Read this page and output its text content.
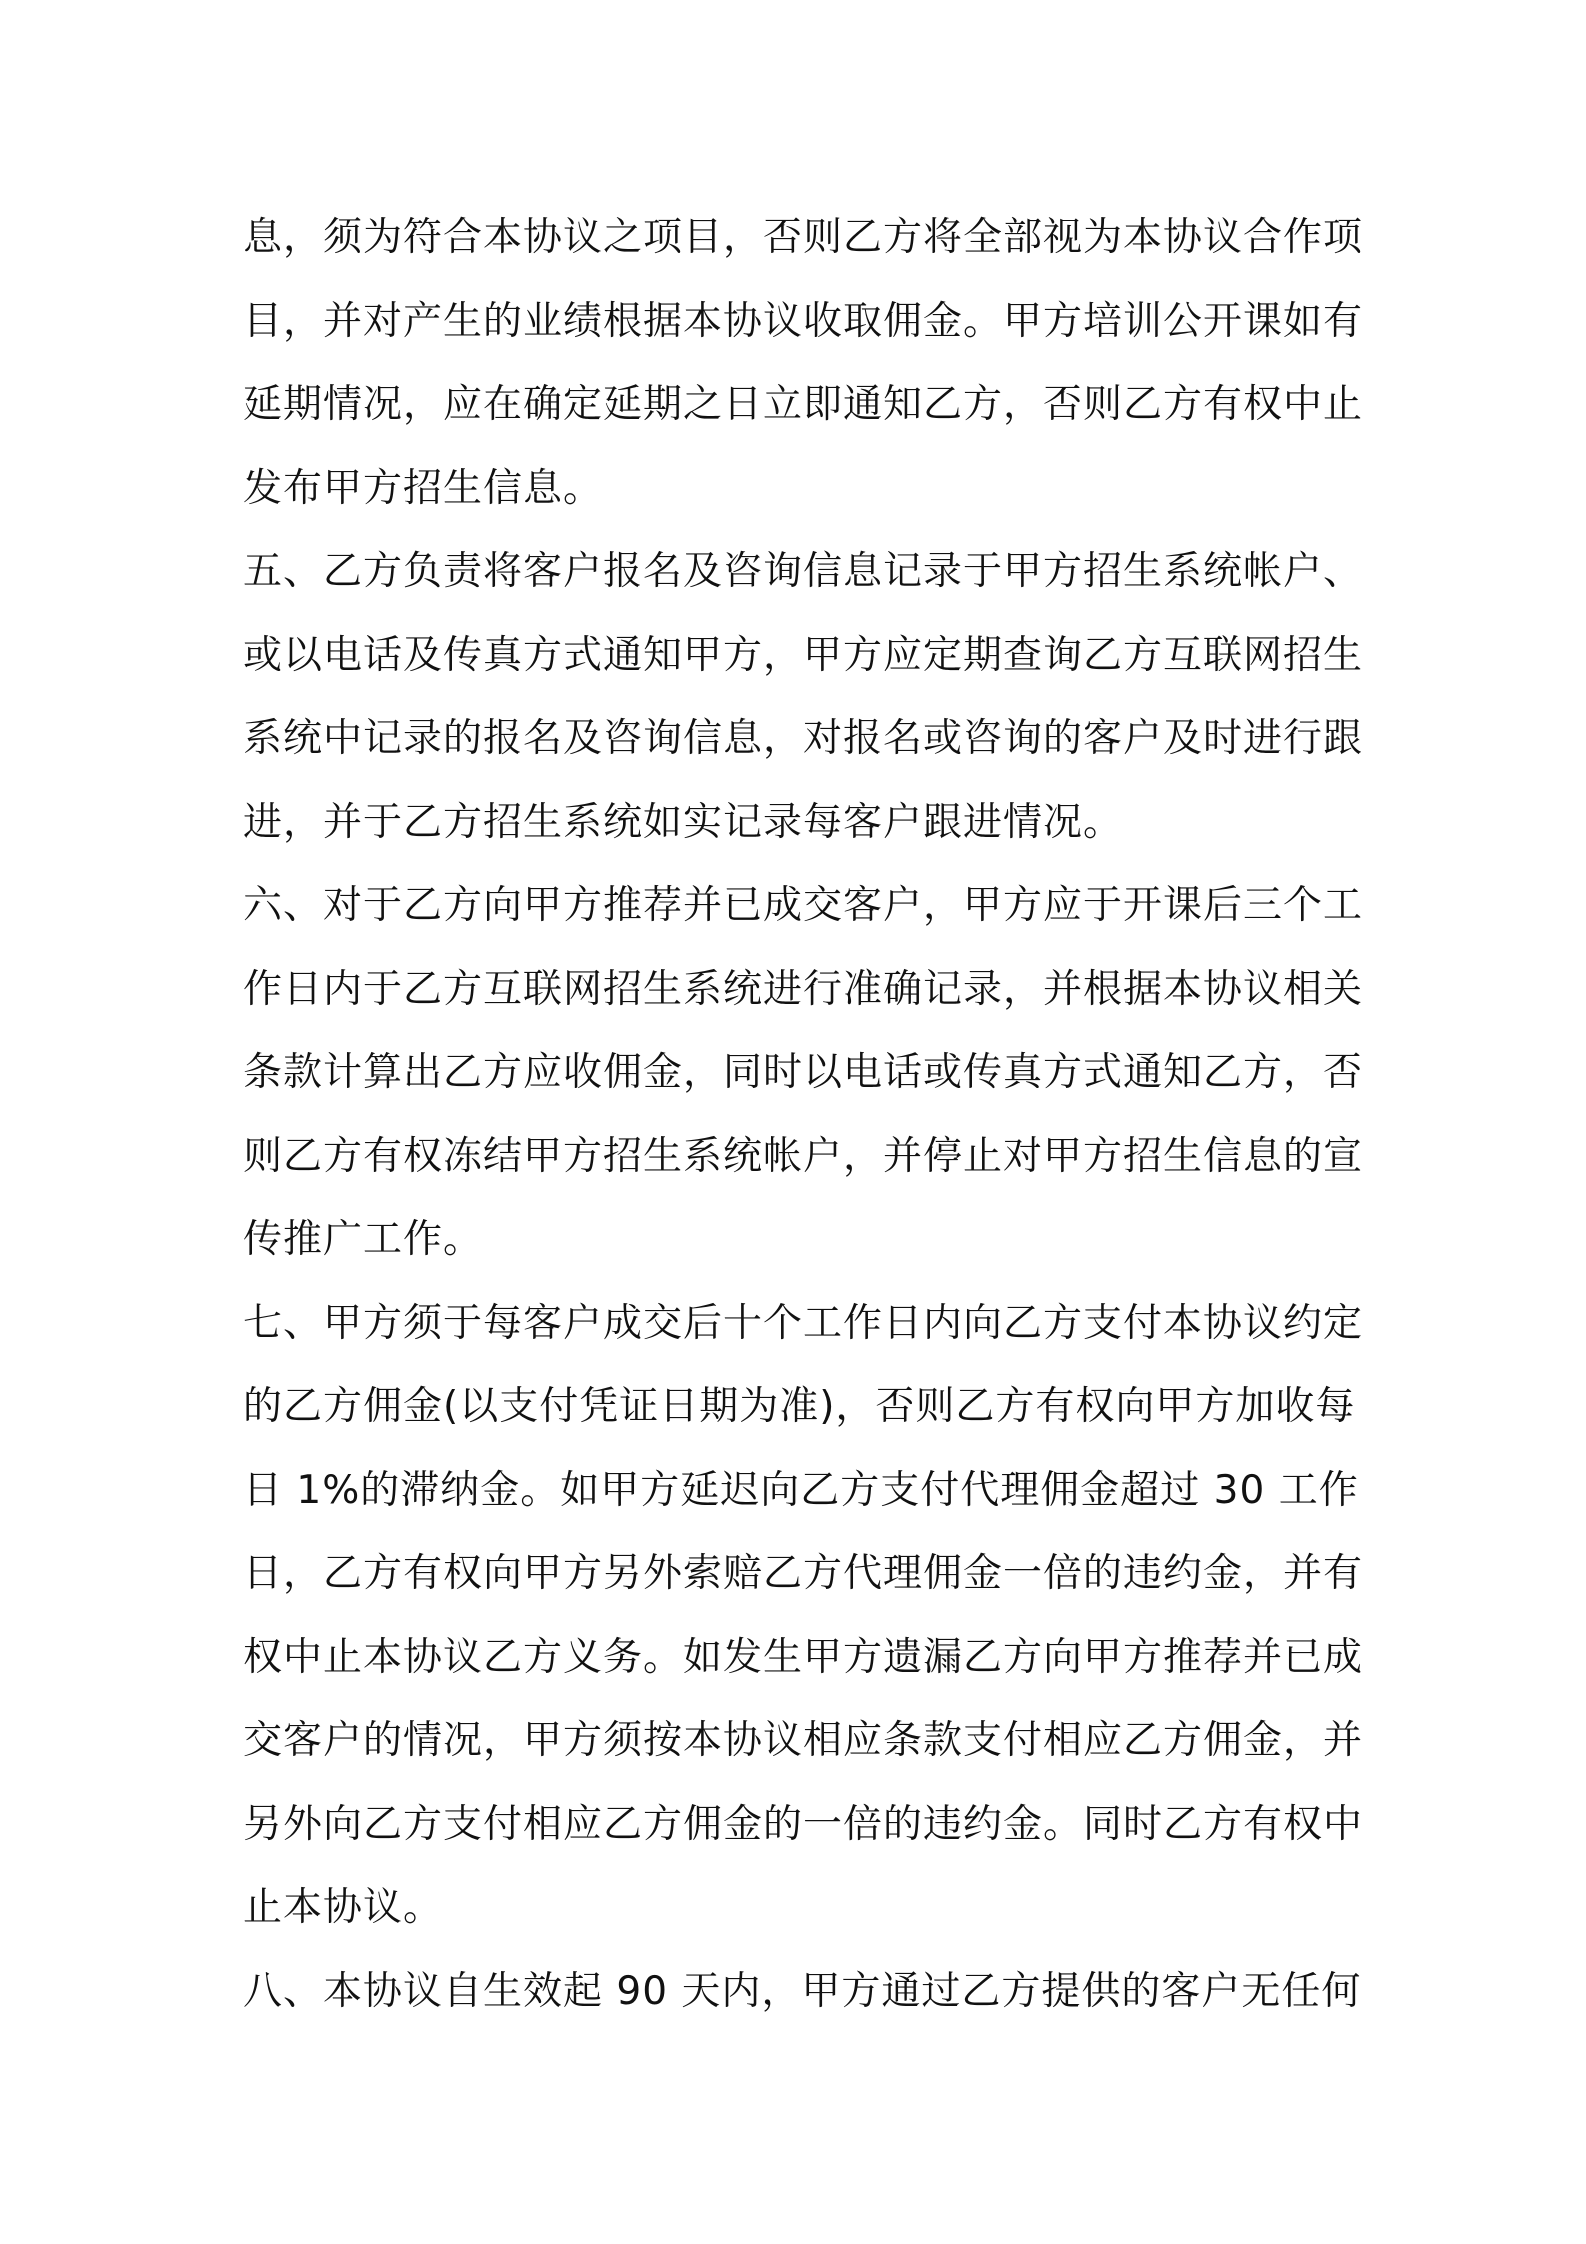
息，须为符合本协议之项目，否则乙方将全部视为本协议合作项
目，并对产生的业绩根据本协议收取佣金。甲方培训公开课如有
延期情况，应在确定延期之日立即通知乙方，否则乙方有权中止
发布甲方招生信息。
五、乙方负责将客户报名及咨询信息记录于甲方招生系统帐户、
或以电话及传真方式通知甲方，甲方应定期查询乙方互联网招生
系统中记录的报名及咨询信息，对报名或咨询的客户及时进行跟
进，并于乙方招生系统如实记录每客户跟进情况。
六、对于乙方向甲方推荐并已成交客户，甲方应于开课后三个工
作日内于乙方互联网招生系统进行准确记录，并根据本协议相关
条款计算出乙方应收佣金，同时以电话或传真方式通知乙方，否
则乙方有权冻结甲方招生系统帐户，并停止对甲方招生信息的宣
传推广工作。
七、甲方须于每客户成交后十个工作日内向乙方支付本协议约定
的乙方佣金(以支付凭证日期为准)，否则乙方有权向甲方加收每
日 1%的滞纳金。如甲方延迟向乙方支付代理佣金超过 30 工作
日，乙方有权向甲方另外索赔乙方代理佣金一倍的违约金，并有
权中止本协议乙方义务。如发生甲方遗漏乙方向甲方推荐并已成
交客户的情况，甲方须按本协议相应条款支付相应乙方佣金，并
另外向乙方支付相应乙方佣金的一倍的违约金。同时乙方有权中
止本协议。
八、本协议自生效起 90 天内，甲方通过乙方提供的客户无任何
